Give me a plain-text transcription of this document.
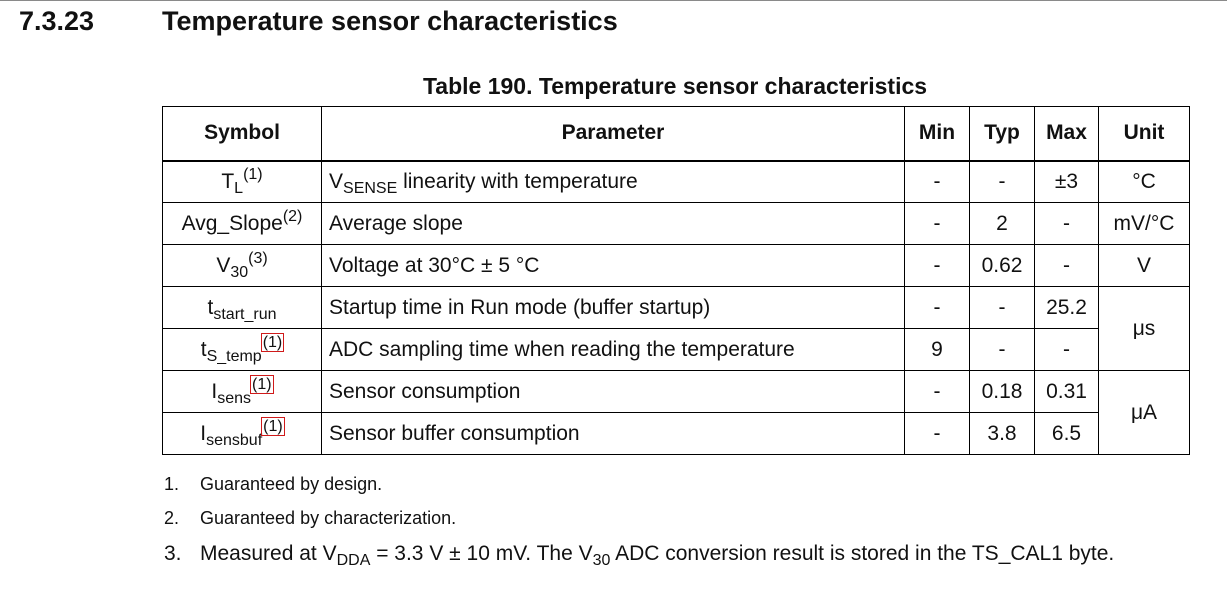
7.3.23	Temperature sensor characteristics
Table 190. Temperature sensor characteristics
Symbol	Parameter	Min	Typ	Max	Unit
$T_L^{(1)}$	$V_{SENSE}$ linearity with temperature	-	-	±3	°C
Avg_Slope$^{(2)}$	Average slope	-	2	-	mV/°C
$V_{30}^{(3)}$	Voltage at 30°C ± 5 °C	-	0.62	-	V
$t_{start\_run}$	Startup time in Run mode (buffer startup)	-	-	25.2	μs
$t_{S\_temp}^{(1)}$	ADC sampling time when reading the temperature	9	-	-	
$I_{sens}^{(1)}$	Sensor consumption	-	0.18	0.31	μA
$I_{sensbuf}^{(1)}$	Sensor buffer consumption	-	3.8	6.5	
1. Guaranteed by design.
2. Guaranteed by characterization.
3. Measured at $V_{DDA} = 3.3$ V ± 10 mV. The $V_{30}$ ADC conversion result is stored in the TS_CAL1 byte.
